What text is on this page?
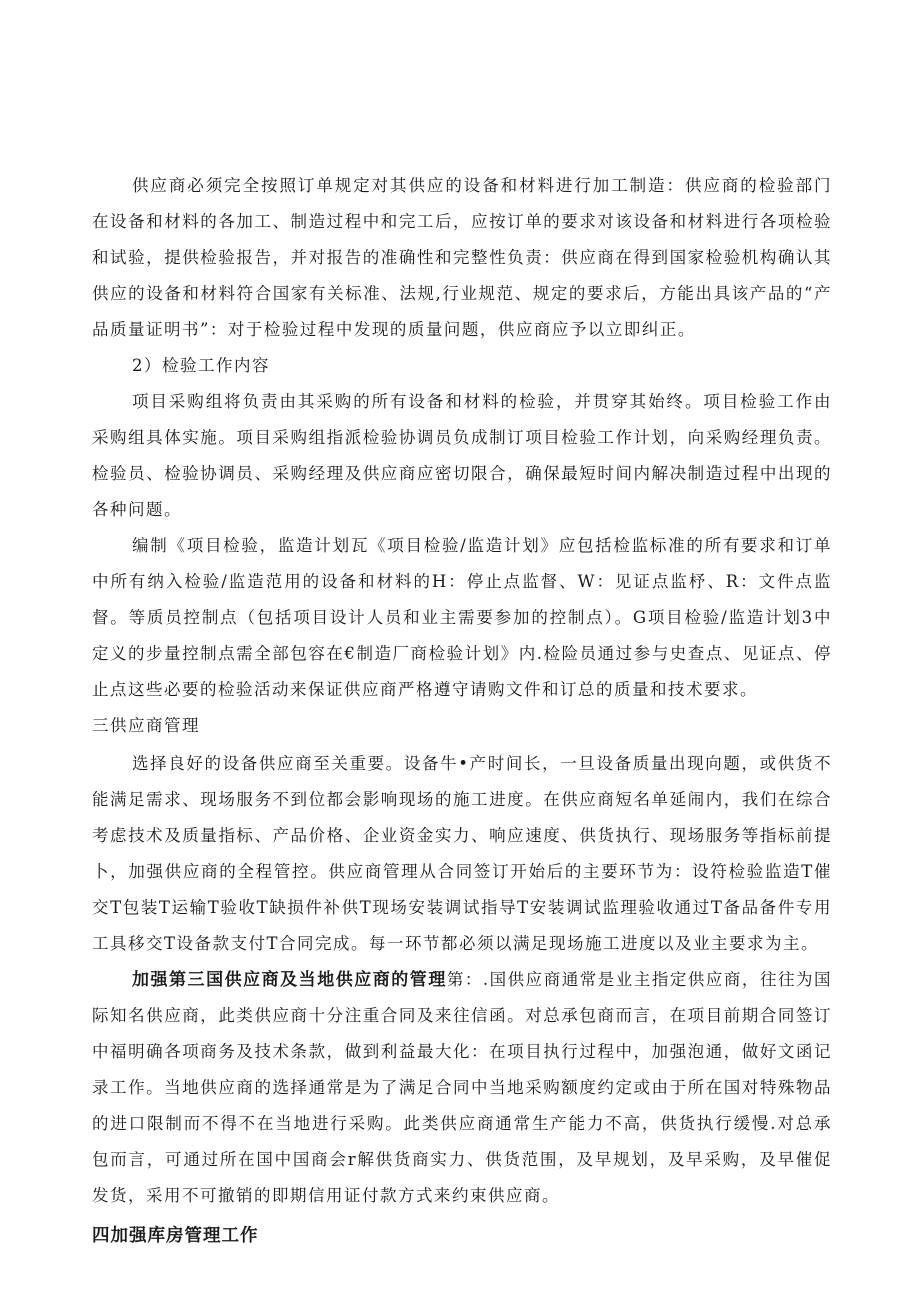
供应商必须完全按照订单规定对其供应的设备和材料进行加工制造：供应商的检验部门在设备和材料的各加工、制造过程中和完工后，应按订单的要求对该设备和材料进行各项检验和试验，提供检验报告，并对报告的准确性和完整性负责：供应商在得到国家检验机构确认其供应的设备和材料符合国家有关标准、法规,行业规范、规定的要求后，方能出具该产品的“产品质量证明书”：对于检验过程中发现的质量问题，供应商应予以立即纠正。

2）检验工作内容

项目采购组将负责由其采购的所有设备和材料的检验，并贯穿其始终。项目检验工作由采购组具体实施。项目采购组指派检验协调员负成制订项目检验工作计划，向采购经理负责。检验员、检验协调员、采购经理及供应商应密切限合，确保最短时间内解决制造过程中出现的各种问题。

编制《项目检验，监造计划瓦《项目检验/监造计划》应包括检监标准的所有要求和订单中所有纳入检验/监造范用的设备和材料的H：停止点监督、W：见证点监杼、R：文件点监督。等质员控制点（包括项目设计人员和业主需要参加的控制点）。G项目检验/监造计划3中定义的步量控制点需全部包容在€制造厂商检验计划》内.检险员通过参与史查点、见证点、停止点这些必要的检验活动来保证供应商严格遵守请购文件和订总的质量和技术要求。

三供应商管理

选择良好的设备供应商至关重要。设备牛•产时间长，一旦设备质量出现向题，或供货不能满足需求、现场服务不到位都会影响现场的施工进度。在供应商短名单延闹内，我们在综合考虑技术及质量指标、产品价格、企业资金实力、响应速度、供货执行、现场服务等指标前提卜，加强供应商的全程管控。供应商管理从合同签订开始后的主要环节为：设符检验监造T催交T包装T运输T验收T缺损件补供T现场安装调试指导T安装调试监理验收通过T备品备件专用工具移交T设备款支付T合同完成。每一环节都必须以满足现场施工进度以及业主要求为主。

加强第三国供应商及当地供应商的管理第：.国供应商通常是业主指定供应商，往往为国际知名供应商，此类供应商十分注重合同及来往信函。对总承包商而言，在项目前期合同签订中福明确各项商务及技术条款，做到利益最大化：在项目执行过程中，加强泡通，做好文函记录工作。当地供应商的选择通常是为了满足合同中当地采购额度约定或由于所在国对特殊物品的进口限制而不得不在当地进行采购。此类供应商通常生产能力不高，供货执行缓慢.对总承包而言，可通过所在国中国商会r解供货商实力、供货范围，及早规划，及早采购，及早催促发货，采用不可撤销的即期信用证付款方式来约束供应商。

四加强库房管理工作
